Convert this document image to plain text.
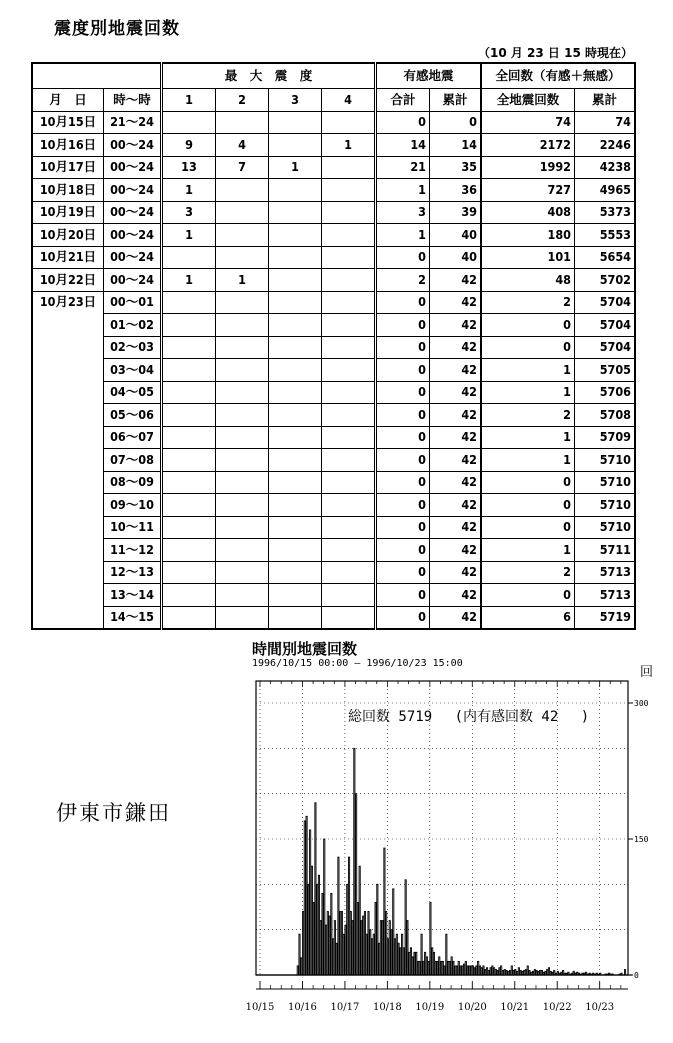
震度別地震回数
（10 月 23 日 15 時現在）
		最　大　震　度				有感地震		全回数（有感＋無感）	
月　日	時～時	1	2	3	4	合計	累計	全地震回数	累計
10月15日	21～24					0	0	74	74
10月16日	00～24	9	4		1	14	14	2172	2246
10月17日	00～24	13	7	1		21	35	1992	4238
10月18日	00～24	1				1	36	727	4965
10月19日	00～24	3				3	39	408	5373
10月20日	00～24	1				1	40	180	5553
10月21日	00～24					0	40	101	5654
10月22日	00～24	1	1			2	42	48	5702
10月23日	00～01					0	42	2	5704
	01～02					0	42	0	5704
	02～03					0	42	0	5704
	03～04					0	42	1	5705
	04～05					0	42	1	5706
	05～06					0	42	2	5708
	06～07					0	42	1	5709
	07～08					0	42	1	5710
	08～09					0	42	0	5710
	09～10					0	42	0	5710
	10～11					0	42	0	5710
	11～12					0	42	1	5711
	12～13					0	42	2	5713
	13～14					0	42	0	5713
	14～15					0	42	6	5719
伊東市鎌田
時間別地震回数
1996/10/15 00:00 ― 1996/10/23 15:00
回
0
150
300
10/15 10/16 10/17 10/18 10/19 10/20 10/21 10/22 10/23
総回数 5719　 (内有感回数 42　 )
